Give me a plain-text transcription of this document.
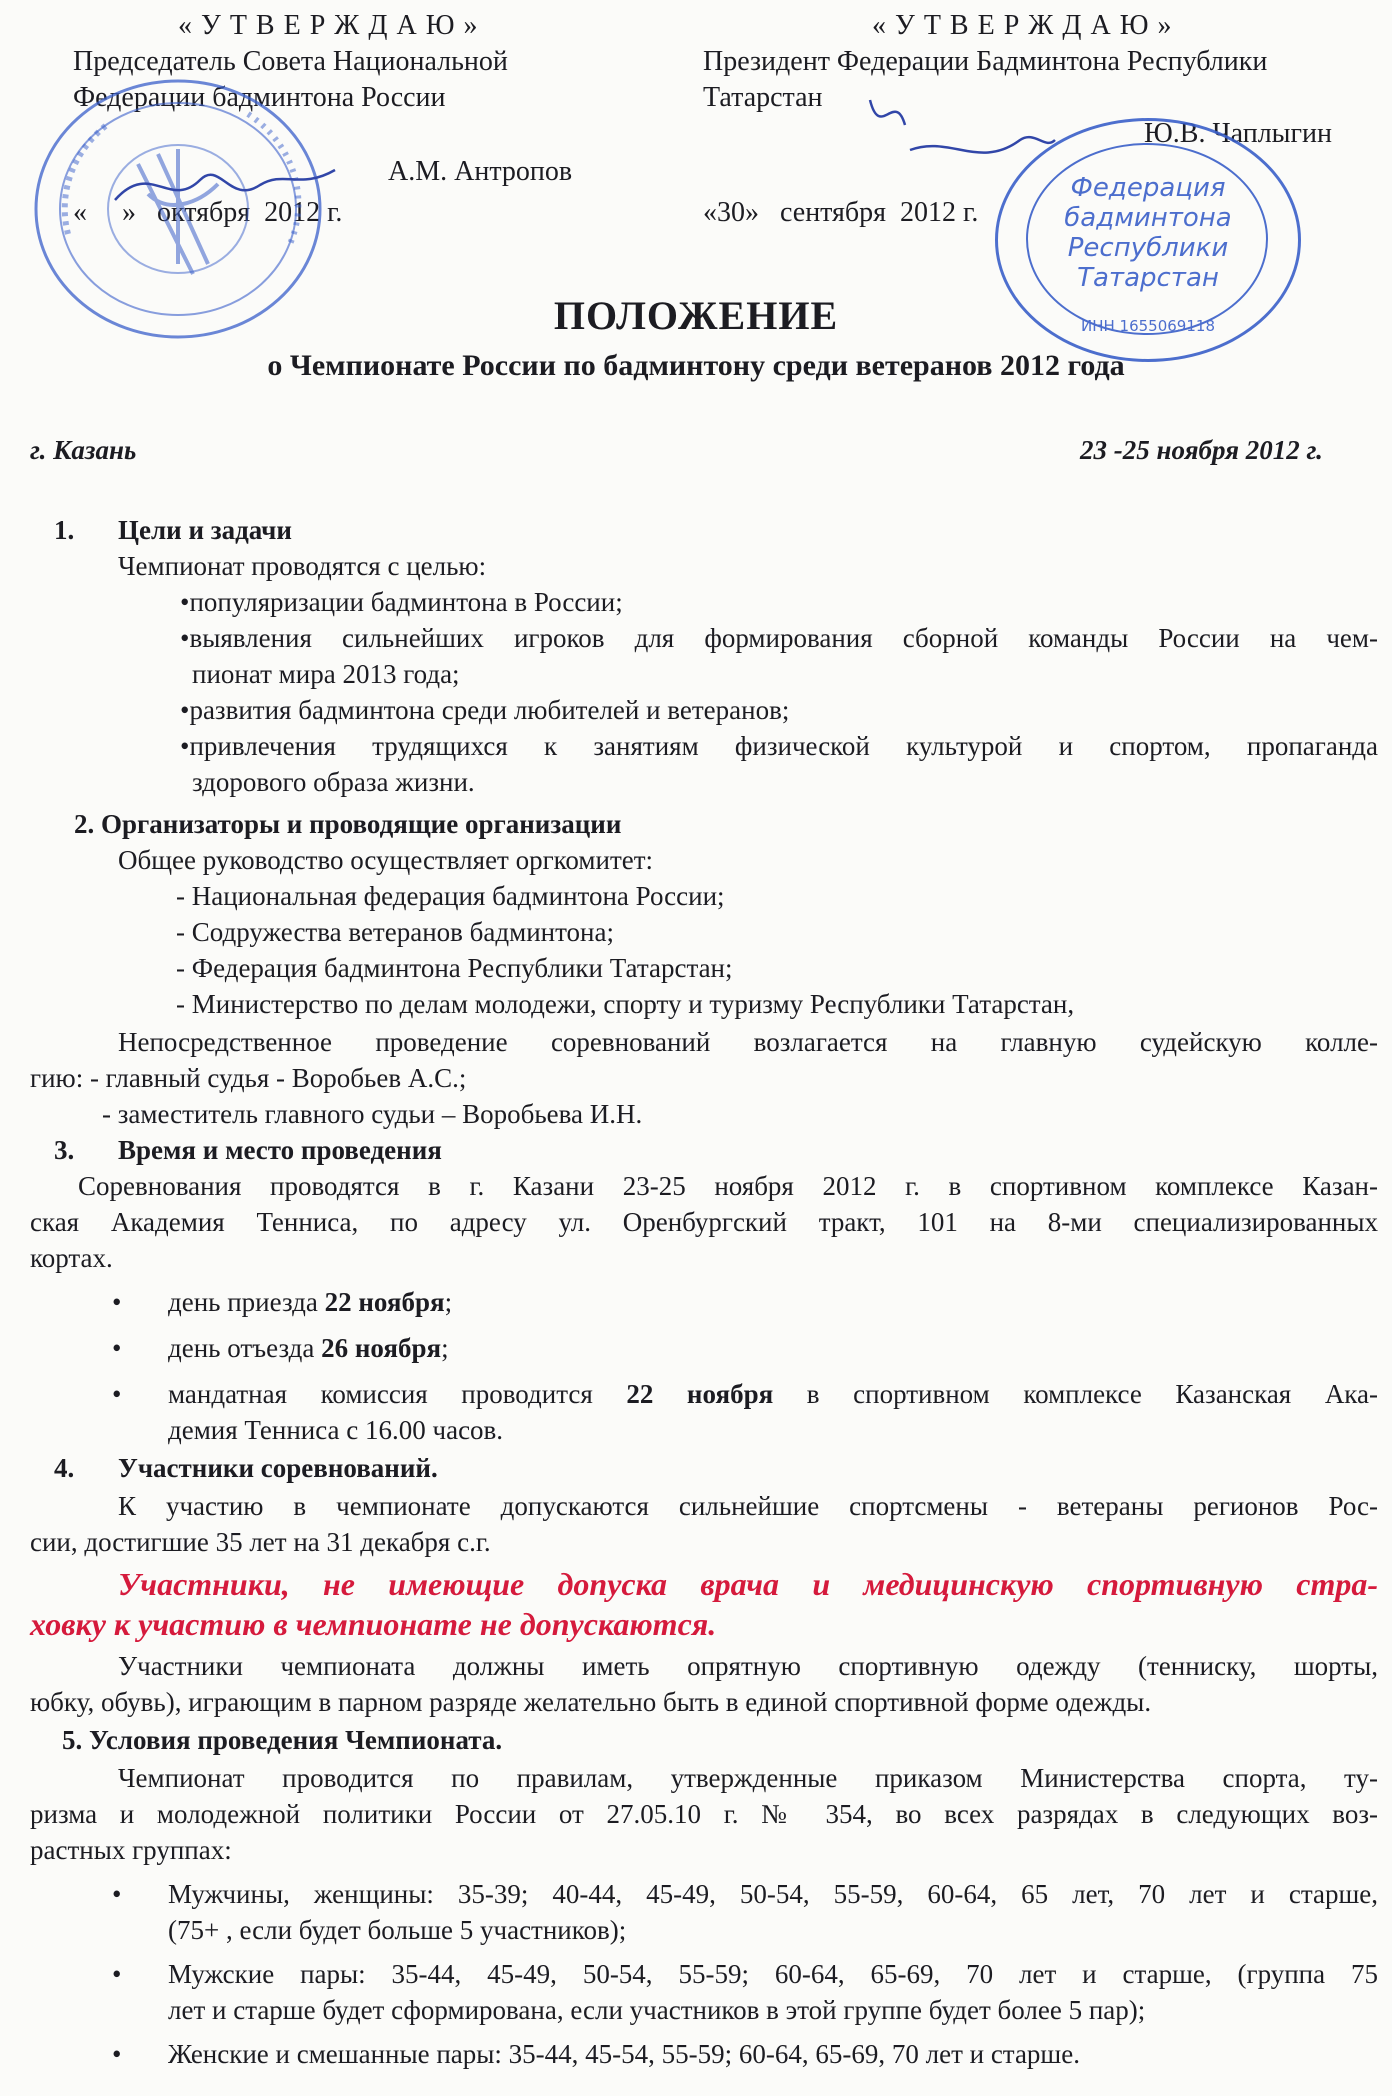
« У Т В Е Р Ж Д А Ю »
Председатель Совета Национальной
Федерации бадминтона России
А.М. Антропов
«     »   октября  2012 г.
« У Т В Е Р Ж Д А Ю »
Президент Федерации Бадминтона Республики
Татарстан
Ю.В. Чаплыгин
«30»   сентября  2012 г.
Федерация
бадминтона
Республики
Татарстан
ИНН 1655069118
ПОЛОЖЕНИЕ
о Чемпионате России по бадминтону среди ветеранов 2012 года
г. Казань	23 -25 ноября 2012 г.
1. Цели и задачи
Чемпионат проводятся с целью:
• популяризации бадминтона в России;
• выявления сильнейших игроков для формирования сборной команды России на чем-
пионат мира 2013 года;
• развития бадминтона среди любителей и ветеранов;
• привлечения трудящихся к занятиям физической культурой и спортом, пропаганда
здорового образа жизни.
2. Организаторы и проводящие организации
Общее руководство осуществляет оргкомитет:
- Национальная федерация бадминтона России;
- Содружества ветеранов бадминтона;
- Федерация бадминтона Республики Татарстан;
- Министерство по делам молодежи, спорту и туризму Республики Татарстан,
Непосредственное проведение соревнований возлагается на главную судейскую колле-
гию: - главный судья - Воробьев А.С.;
- заместитель главного судьи – Воробьева И.Н.
3. Время и место проведения
Соревнования проводятся в г. Казани 23-25 ноября 2012 г. в спортивном комплексе Казан-
ская Академия Тенниса, по адресу ул. Оренбургский тракт, 101 на 8-ми специализированных
кортах.
• день приезда 22 ноября;
• день отъезда 26 ноября;
• мандатная комиссия проводится 22 ноября в спортивном комплексе Казанская Ака-
демия Тенниса с 16.00 часов.
4. Участники соревнований.
К участию в чемпионате допускаются сильнейшие спортсмены - ветераны регионов Рос-
сии, достигшие 35 лет на 31 декабря с.г.
Участники, не имеющие допуска врача и медицинскую спортивную стра-
ховку к участию в чемпионате не допускаются.
Участники чемпионата должны иметь опрятную спортивную одежду (тенниску, шорты,
юбку, обувь), играющим в парном разряде желательно быть в единой спортивной форме одежды.
5. Условия проведения Чемпионата.
Чемпионат проводится по правилам, утвержденные приказом Министерства спорта, ту-
ризма и молодежной политики России от 27.05.10 г. № 354, во всех разрядах в следующих воз-
растных группах:
• Мужчины, женщины: 35-39; 40-44, 45-49, 50-54, 55-59, 60-64, 65 лет, 70 лет и старше,
(75+ , если будет больше 5 участников);
• Мужские пары: 35-44, 45-49, 50-54, 55-59; 60-64, 65-69, 70 лет и старше, (группа 75
лет и старше будет сформирована, если участников в этой группе будет более 5 пар);
• Женские и смешанные пары: 35-44, 45-54, 55-59; 60-64, 65-69, 70 лет и старше.
